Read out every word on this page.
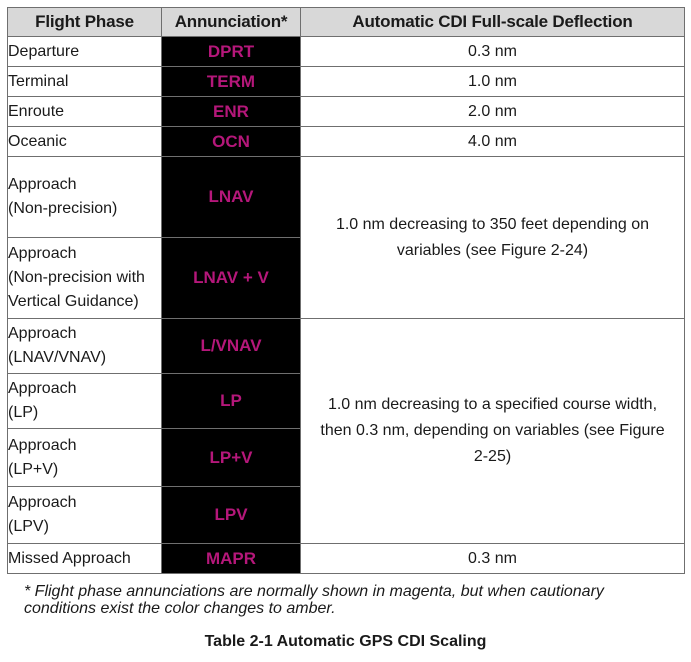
Flight Phase	Annunciation*	Automatic CDI Full-scale Deflection
Departure	DPRT	0.3 nm
Terminal	TERM	1.0 nm
Enroute	ENR	2.0 nm
Oceanic	OCN	4.0 nm

Approach
(Non-precision)	LNAV	1.0 nm decreasing to 350 feet depending on variables (see Figure 2-24)

Approach
(Non-precision with
Vertical Guidance)	LNAV + V	

Approach
(LNAV/VNAV)	L/VNAV	1.0 nm decreasing to a specified course width, then 0.3 nm, depending on variables (see Figure 2-25)

Approach
(LP)	LP	

Approach
(LP+V)	LP+V	

Approach
(LPV)	LPV	
Missed Approach	MAPR	0.3 nm
* Flight phase annunciations are normally shown in magenta, but when cautionary conditions exist the color changes to amber.
Table 2-1 Automatic GPS CDI Scaling
